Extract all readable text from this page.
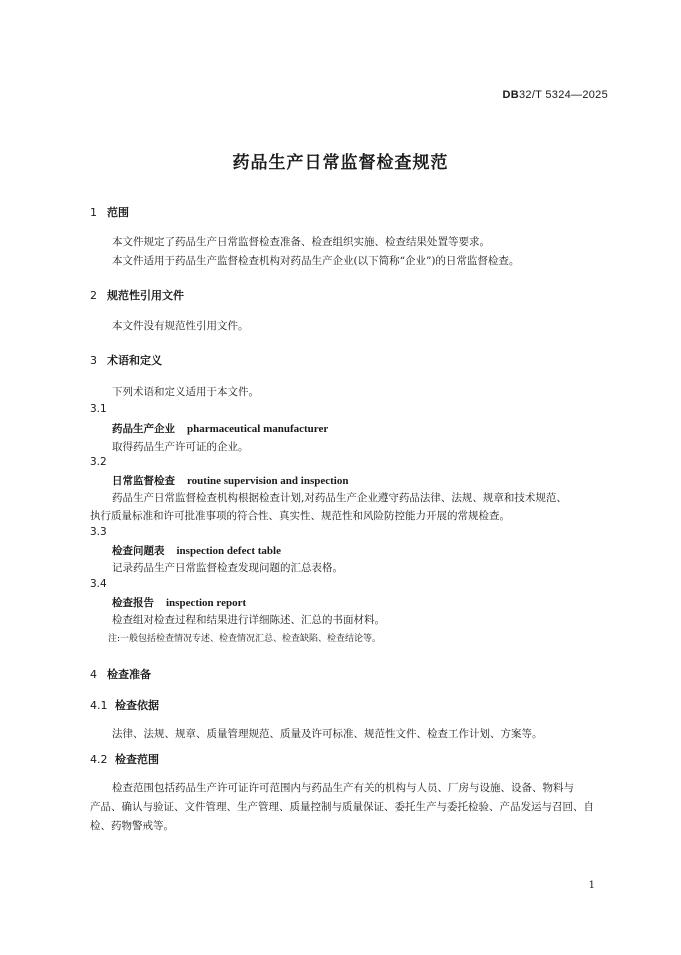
DB32/T 5324—2025
药品生产日常监督检查规范
1 范围
本文件规定了药品生产日常监督检查准备、检查组织实施、检查结果处置等要求。
本文件适用于药品生产监督检查机构对药品生产企业(以下简称“企业”)的日常监督检查。
2 规范性引用文件
本文件没有规范性引用文件。
3 术语和定义
下列术语和定义适用于本文件。
3.1
药品生产企业 pharmaceutical manufacturer
取得药品生产许可证的企业。
3.2
日常监督检查 routine supervision and inspection
药品生产日常监督检查机构根据检查计划,对药品生产企业遵守药品法律、法规、规章和技术规范、
执行质量标准和许可批准事项的符合性、真实性、规范性和风险防控能力开展的常规检查。
3.3
检查问题表 inspection defect table
记录药品生产日常监督检查发现问题的汇总表格。
3.4
检查报告 inspection report
检查组对检查过程和结果进行详细陈述、汇总的书面材料。
注:一般包括检查情况专述、检查情况汇总、检查缺陷、检查结论等。
4 检查准备
4.1 检查依据
法律、法规、规章、质量管理规范、质量及许可标准、规范性文件、检查工作计划、方案等。
4.2 检查范围
检查范围包括药品生产许可证许可范围内与药品生产有关的机构与人员、厂房与设施、设备、物料与
产品、确认与验证、文件管理、生产管理、质量控制与质量保证、委托生产与委托检验、产品发运与召回、自
检、药物警戒等。
1
